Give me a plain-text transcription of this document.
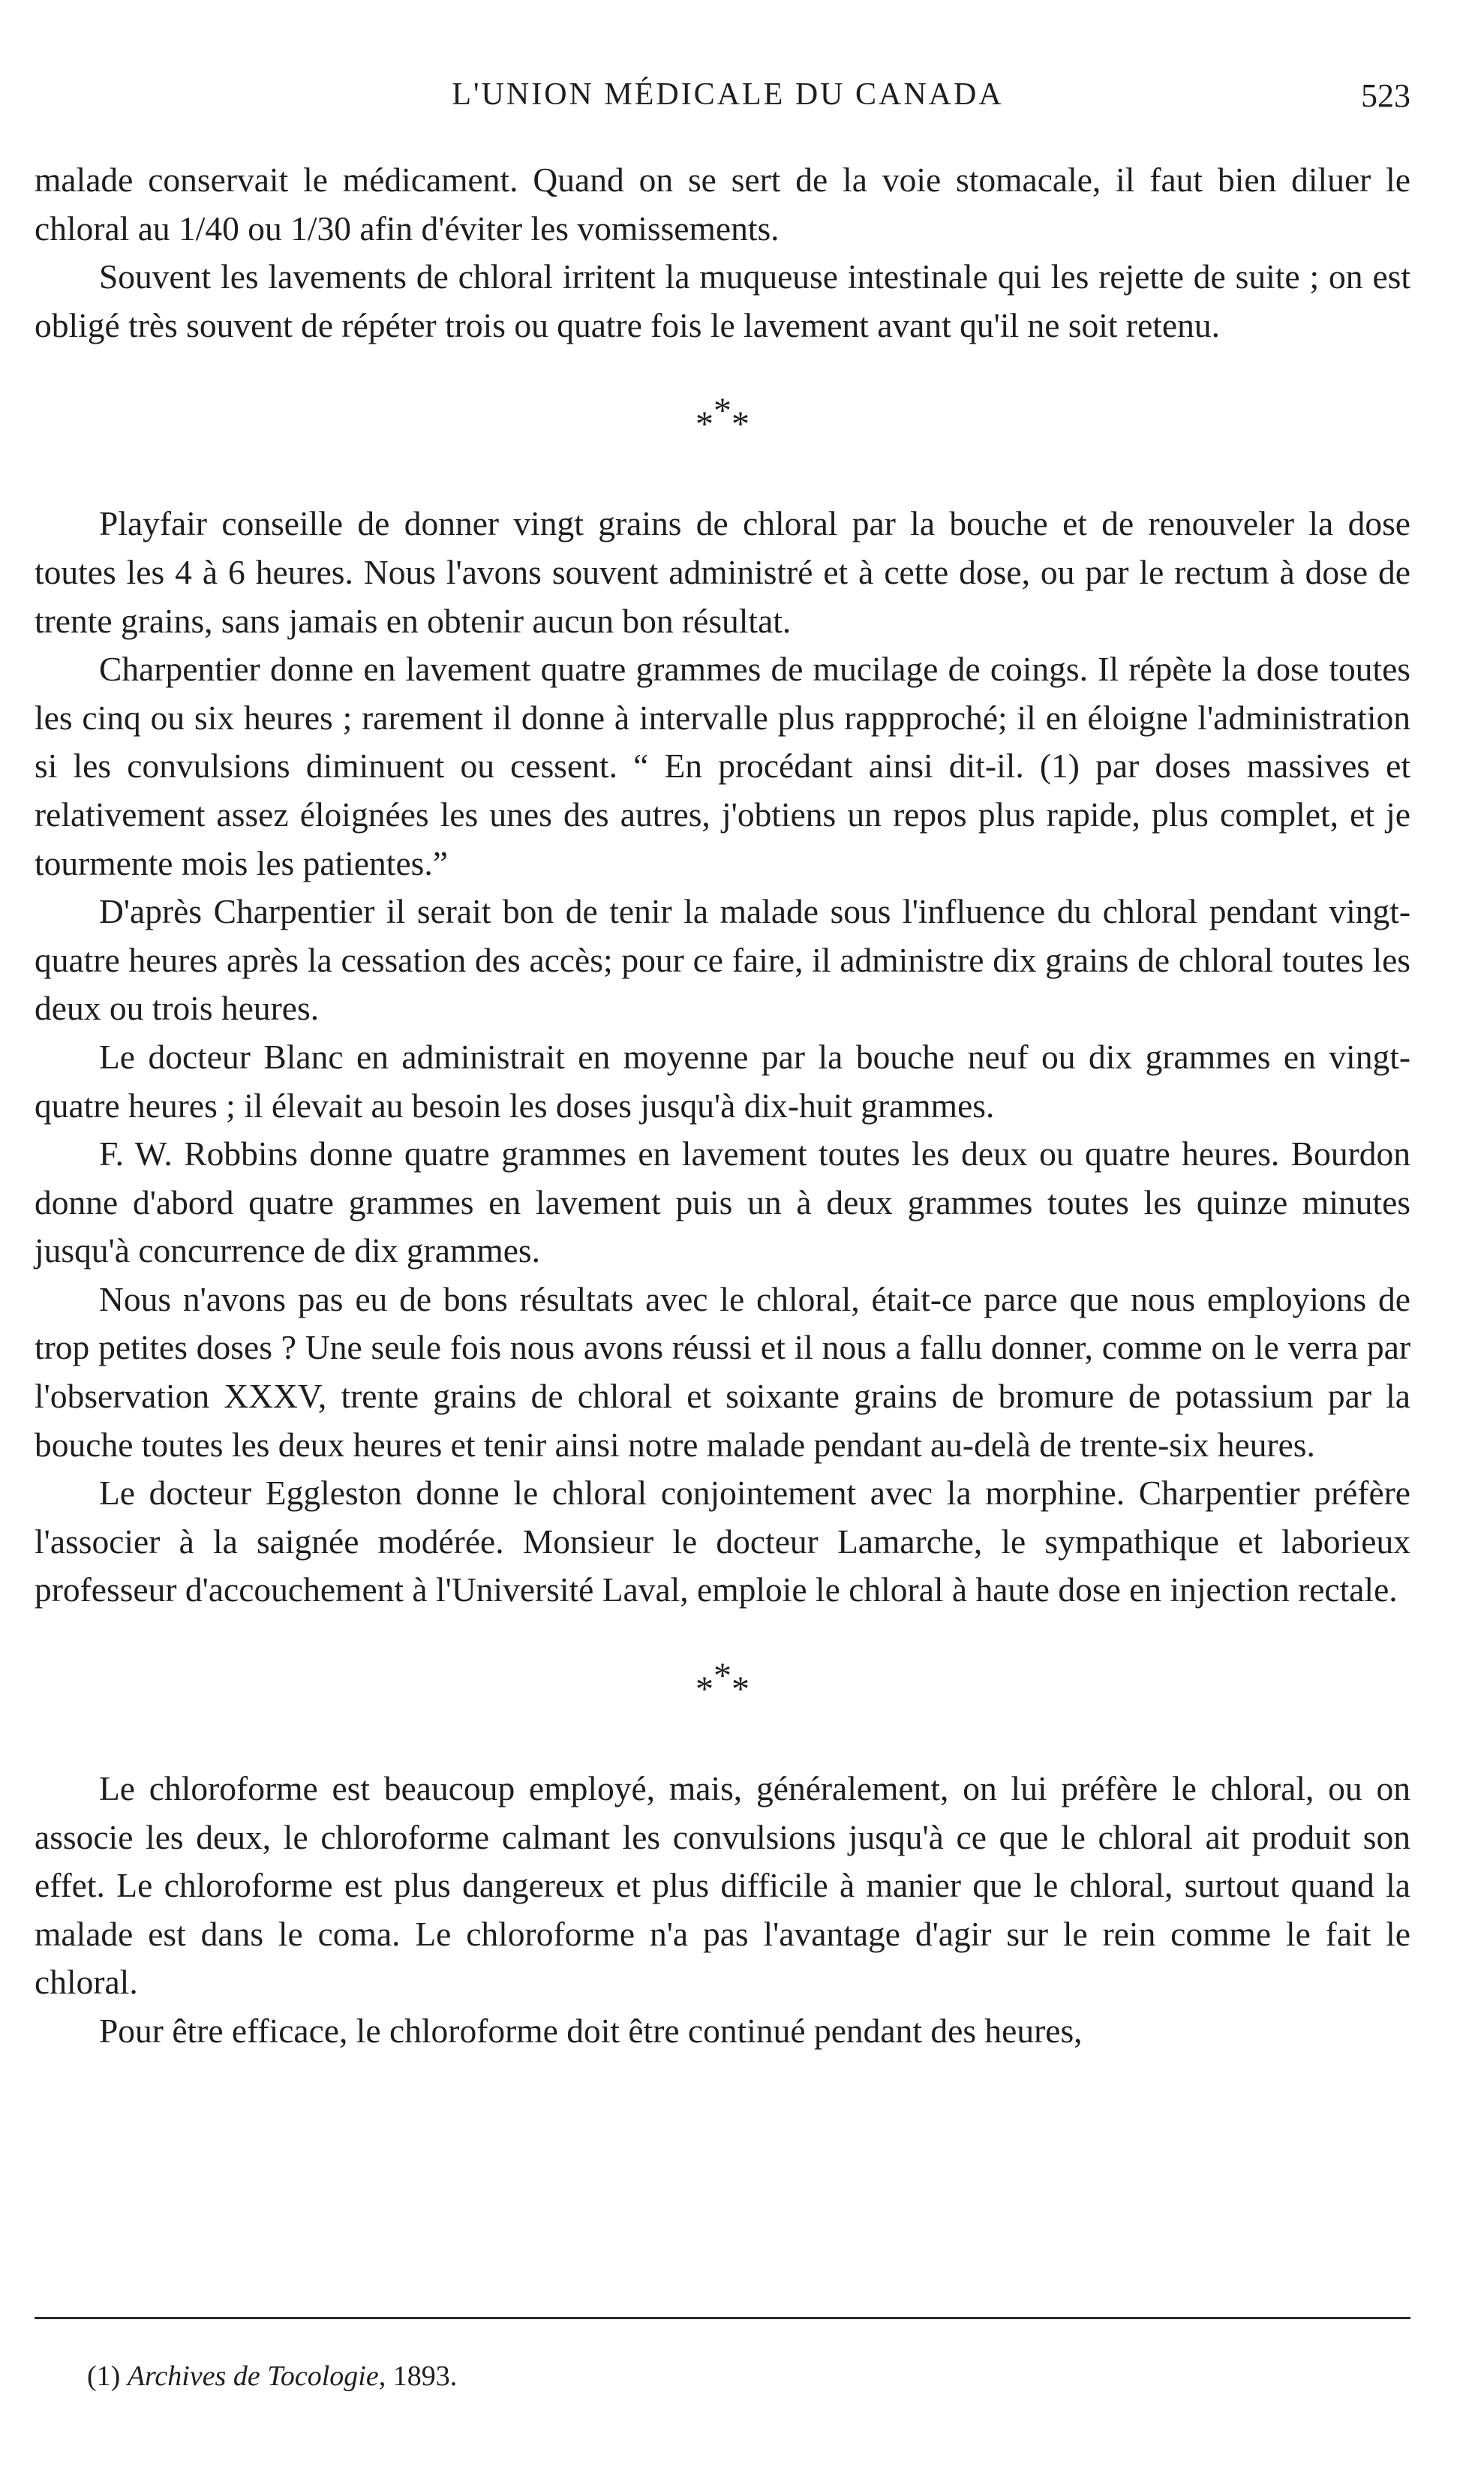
L'UNION MÉDICALE DU CANADA	523

malade conservait le médicament. Quand on se sert de la voie stomacale, il faut bien diluer le chloral au 1/40 ou 1/30 afin d'éviter les vomissements.

Souvent les lavements de chloral irritent la muqueuse intestinale qui les rejette de suite ; on est obligé très souvent de répéter trois ou quatre fois le lavement avant qu'il ne soit retenu.

***

Playfair conseille de donner vingt grains de chloral par la bouche et de renouveler la dose toutes les 4 à 6 heures. Nous l'avons souvent administré et à cette dose, ou par le rectum à dose de trente grains, sans jamais en obtenir aucun bon résultat.

Charpentier donne en lavement quatre grammes de mucilage de coings. Il répète la dose toutes les cinq ou six heures ; rarement il donne à intervalle plus rappproché; il en éloigne l'administration si les convulsions diminuent ou cessent. “ En procédant ainsi dit-il. (1) par doses massives et relativement assez éloignées les unes des autres, j'obtiens un repos plus rapide, plus complet, et je tourmente mois les patientes.”

D'après Charpentier il serait bon de tenir la malade sous l'influence du chloral pendant vingt-quatre heures après la cessation des accès; pour ce faire, il administre dix grains de chloral toutes les deux ou trois heures.

Le docteur Blanc en administrait en moyenne par la bouche neuf ou dix grammes en vingt-quatre heures ; il élevait au besoin les doses jusqu'à dix-huit grammes.

F. W. Robbins donne quatre grammes en lavement toutes les deux ou quatre heures. Bourdon donne d'abord quatre grammes en lavement puis un à deux grammes toutes les quinze minutes jusqu'à concurrence de dix grammes.

Nous n'avons pas eu de bons résultats avec le chloral, était-ce parce que nous employions de trop petites doses ? Une seule fois nous avons réussi et il nous a fallu donner, comme on le verra par l'observation XXXV, trente grains de chloral et soixante grains de bromure de potassium par la bouche toutes les deux heures et tenir ainsi notre malade pendant au-delà de trente-six heures.

Le docteur Eggleston donne le chloral conjointement avec la morphine. Charpentier préfère l'associer à la saignée modérée. Monsieur le docteur Lamarche, le sympathique et laborieux professeur d'accouchement à l'Université Laval, emploie le chloral à haute dose en injection rectale.

***

Le chloroforme est beaucoup employé, mais, généralement, on lui préfère le chloral, ou on associe les deux, le chloroforme calmant les convulsions jusqu'à ce que le chloral ait produit son effet. Le chloroforme est plus dangereux et plus difficile à manier que le chloral, surtout quand la malade est dans le coma. Le chloroforme n'a pas l'avantage d'agir sur le rein comme le fait le chloral.

Pour être efficace, le chloroforme doit être continué pendant des heures,

(1) Archives de Tocologie, 1893.
